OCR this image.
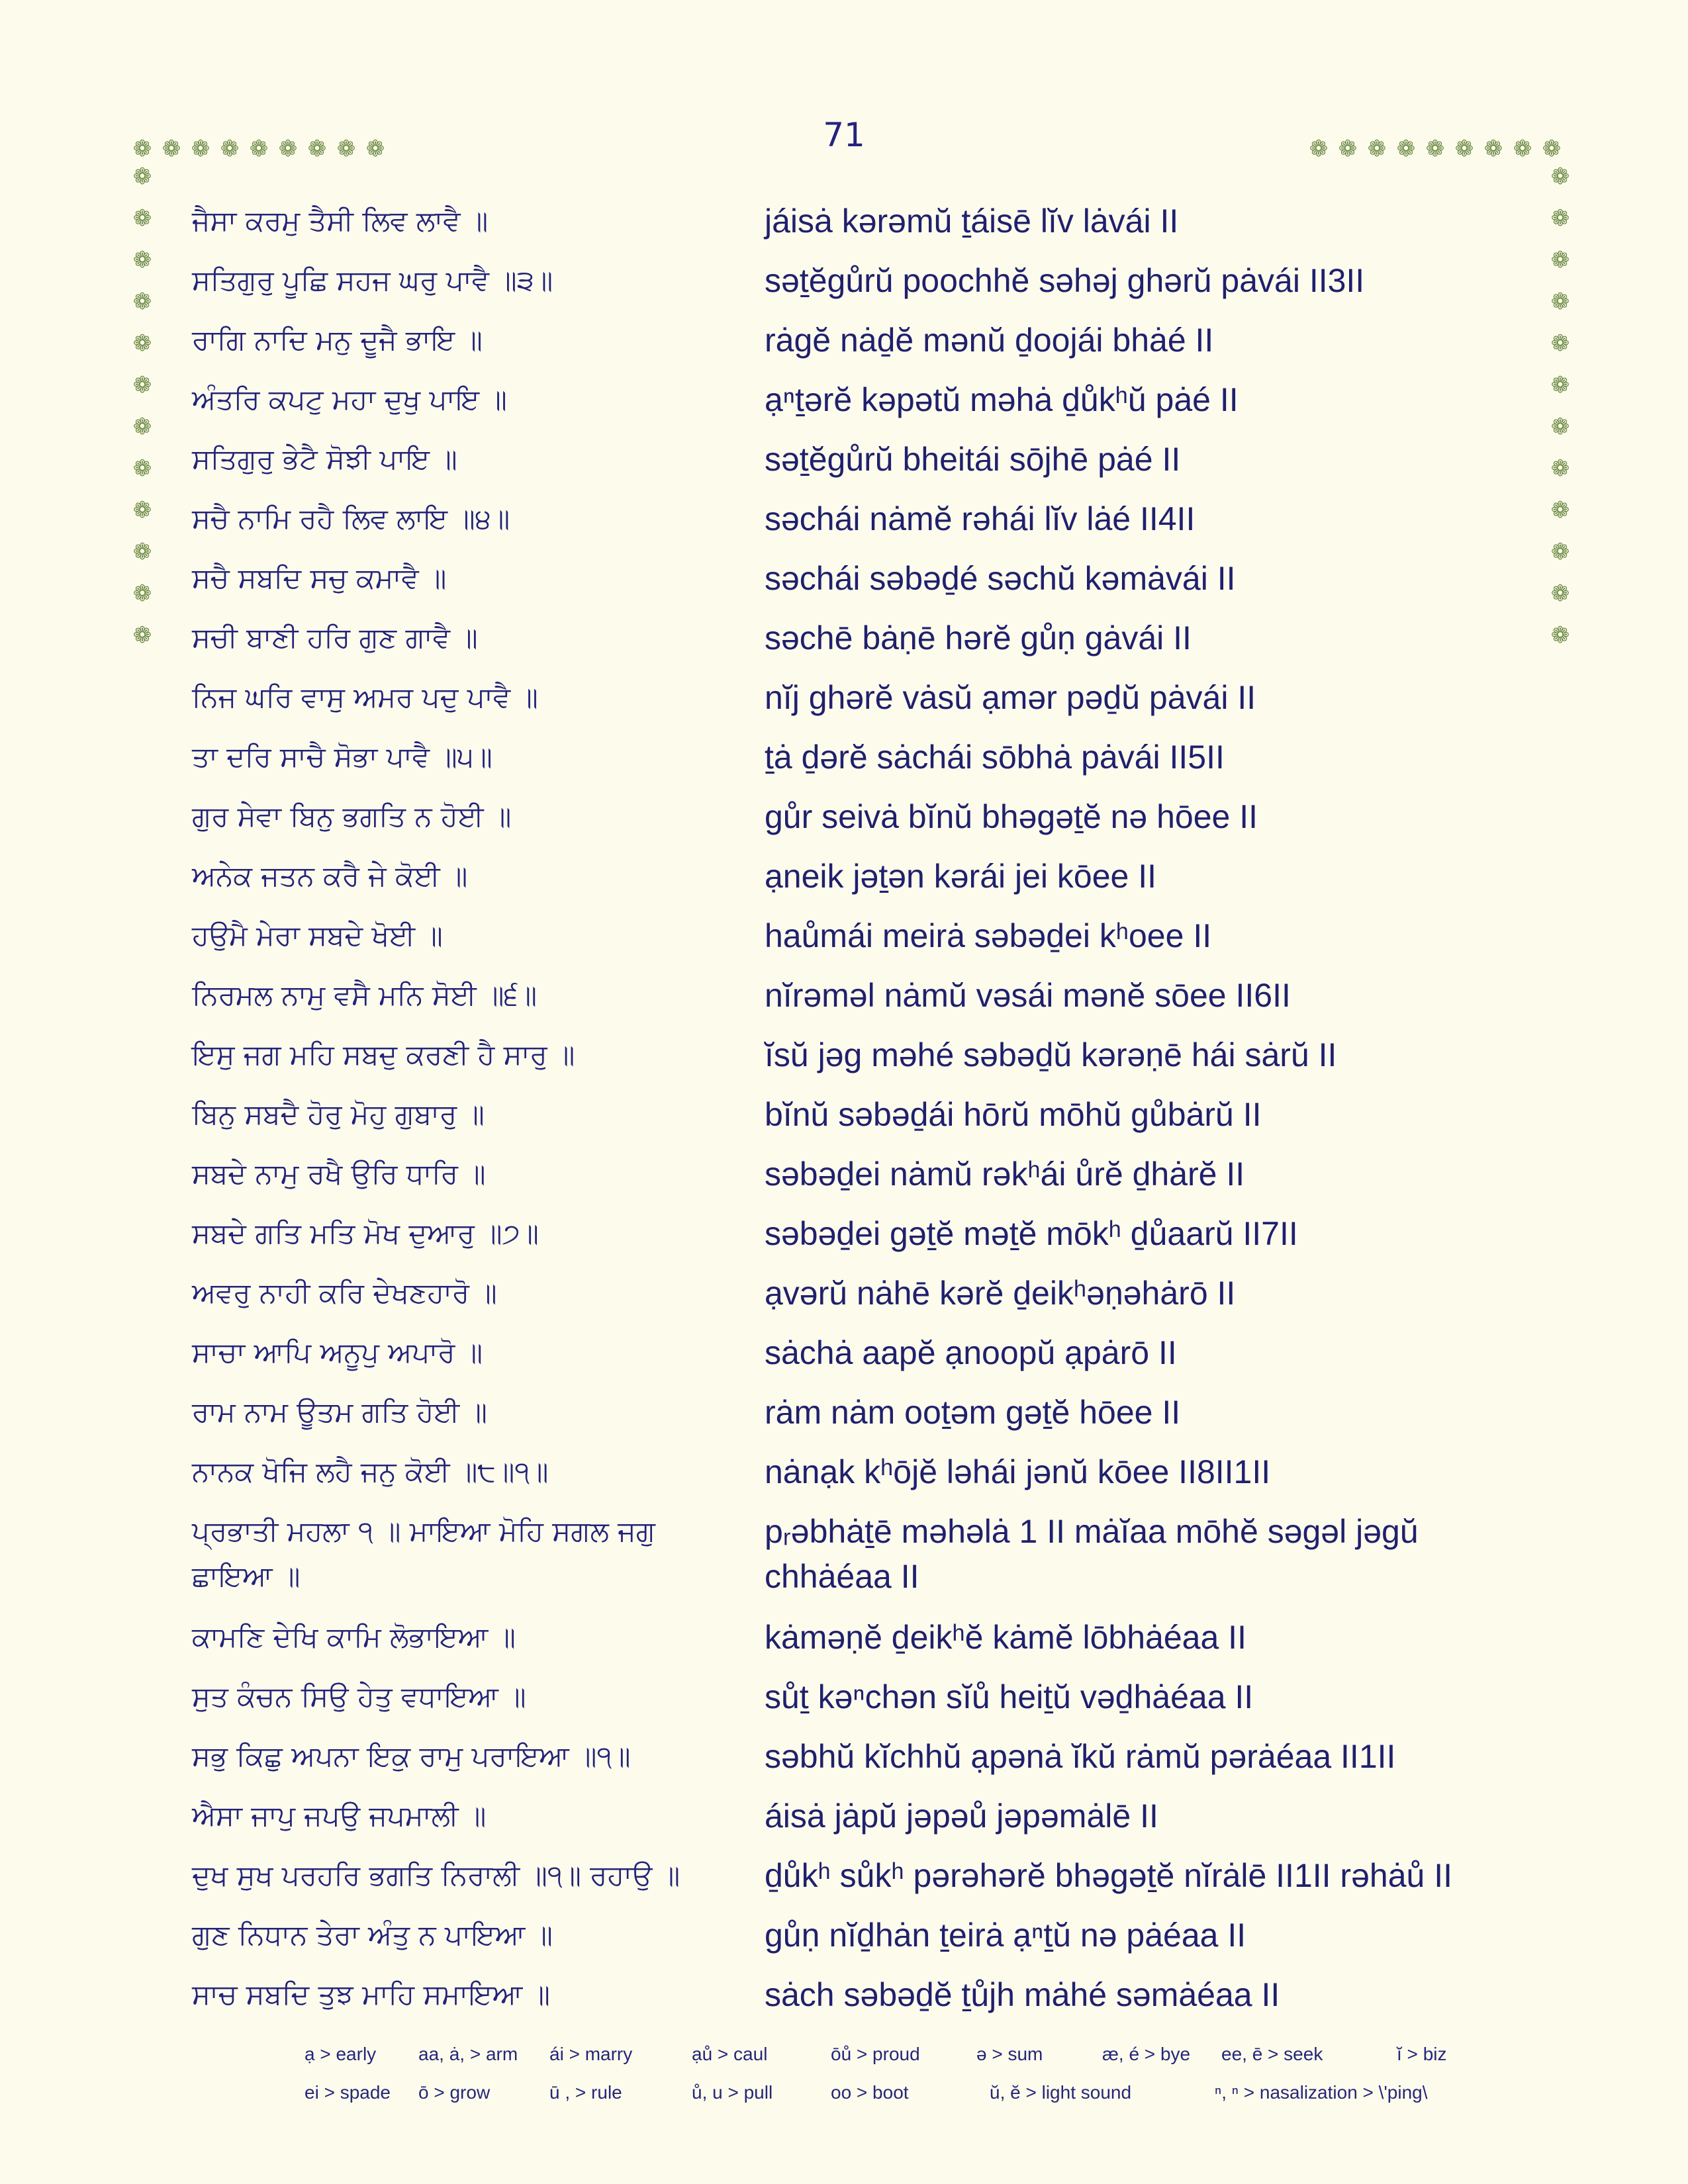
71
❁ ❁ ❁ ❁ ❁ ❁ ❁ ❁ ❁	❁ ❁ ❁ ❁ ❁ ❁ ❁ ❁ ❁
❁
❁
❁
❁
❁
❁
❁
❁
❁
❁
❁
❁
❁
❁
❁
❁
❁
❁
❁
❁
❁
❁
❁
❁
ਜੈਸਾ ਕਰਮੁ ਤੈਸੀ ਲਿਵ ਲਾਵੈ ॥	jáisȧ kərəmŭ ṯáisē lĭv lȧvái II
ਸਤਿਗੁਰੁ ਪੂਛਿ ਸਹਜ ਘਰੁ ਪਾਵੈ ॥੩॥	səṯĕgůrŭ poochhĕ səhəj ghərŭ pȧvái II3II
ਰਾਗਿ ਨਾਦਿ ਮਨੁ ਦੂਜੈ ਭਾਇ ॥	rȧgĕ nȧḏĕ mənŭ ḏoojái bhȧé II
ਅੰਤਰਿ ਕਪਟੁ ਮਹਾ ਦੁਖੁ ਪਾਇ ॥	ạⁿṯərĕ kəpətŭ məhȧ ḏůkʰŭ pȧé II
ਸਤਿਗੁਰੁ ਭੇਟੈ ਸੋਝੀ ਪਾਇ ॥	səṯĕgůrŭ bheitái sōjhē pȧé II
ਸਚੈ ਨਾਮਿ ਰਹੈ ਲਿਵ ਲਾਇ ॥੪॥	səchái nȧmĕ rəhái lĭv lȧé II4II
ਸਚੈ ਸਬਦਿ ਸਚੁ ਕਮਾਵੈ ॥	səchái səbəḏé səchŭ kəmȧvái II
ਸਚੀ ਬਾਣੀ ਹਰਿ ਗੁਣ ਗਾਵੈ ॥	səchē bȧṇē hərĕ gůṇ gȧvái II
ਨਿਜ ਘਰਿ ਵਾਸੁ ਅਮਰ ਪਦੁ ਪਾਵੈ ॥	nĭj ghərĕ vȧsŭ ạmər pəḏŭ pȧvái II
ਤਾ ਦਰਿ ਸਾਚੈ ਸੋਭਾ ਪਾਵੈ ॥੫॥	ṯȧ ḏərĕ sȧchái sōbhȧ pȧvái II5II
ਗੁਰ ਸੇਵਾ ਬਿਨੁ ਭਗਤਿ ਨ ਹੋਈ ॥	gůr seivȧ bĭnŭ bhəgəṯĕ nə hōee II
ਅਨੇਕ ਜਤਨ ਕਰੈ ਜੇ ਕੋਈ ॥	ạneik jəṯən kərái jei kōee II
ਹਉਮੈ ਮੇਰਾ ਸਬਦੇ ਖੋਈ ॥	haůmái meirȧ səbəḏei kʰoee II
ਨਿਰਮਲ ਨਾਮੁ ਵਸੈ ਮਨਿ ਸੋਈ ॥੬॥	nĭrəməl nȧmŭ vəsái mənĕ sōee II6II
ਇਸੁ ਜਗ ਮਹਿ ਸਬਦੁ ਕਰਣੀ ਹੈ ਸਾਰੁ ॥	ĭsŭ jəg məhé səbəḏŭ kərəṇē hái sȧrŭ II
ਬਿਨੁ ਸਬਦੈ ਹੋਰੁ ਮੋਹੁ ਗੁਬਾਰੁ ॥	bĭnŭ səbəḏái hōrŭ mōhŭ gůbȧrŭ II
ਸਬਦੇ ਨਾਮੁ ਰਖੈ ਉਰਿ ਧਾਰਿ ॥	səbəḏei nȧmŭ rəkʰái ůrĕ ḏhȧrĕ II
ਸਬਦੇ ਗਤਿ ਮਤਿ ਮੋਖ ਦੁਆਰੁ ॥੭॥	səbəḏei gəṯĕ məṯĕ mōkʰ ḏůaarŭ II7II
ਅਵਰੁ ਨਾਹੀ ਕਰਿ ਦੇਖਣਹਾਰੋ ॥	ạvərŭ nȧhē kərĕ ḏeikʰəṇəhȧrō II
ਸਾਚਾ ਆਪਿ ਅਨੂਪੁ ਅਪਾਰੋ ॥	sȧchȧ aapĕ ạnoopŭ ạpȧrō II
ਰਾਮ ਨਾਮ ਊਤਮ ਗਤਿ ਹੋਈ ॥	rȧm nȧm ooṯəm gəṯĕ hōee II
ਨਾਨਕ ਖੋਜਿ ਲਹੈ ਜਨੁ ਕੋਈ ॥੮॥੧॥	nȧnạk kʰōjĕ ləhái jənŭ kōee II8II1II
ਪ੍ਰਭਾਤੀ ਮਹਲਾ ੧ ॥ ਮਾਇਆ ਮੋਹਿ ਸਗਲ ਜਗੁ ਛਾਇਆ ॥
pᵣəbhȧṯē məhəlȧ 1 II mȧĭaa mōhĕ səgəl jəgŭ chhȧéaa II
ਕਾਮਣਿ ਦੇਖਿ ਕਾਮਿ ਲੋਭਾਇਆ ॥	kȧməṇĕ ḏeikʰĕ kȧmĕ lōbhȧéaa II
ਸੁਤ ਕੰਚਨ ਸਿਉ ਹੇਤੁ ਵਧਾਇਆ ॥	sůṯ kəⁿchən sĭů heiṯŭ vəḏhȧéaa II
ਸਭੁ ਕਿਛੁ ਅਪਨਾ ਇਕੁ ਰਾਮੁ ਪਰਾਇਆ ॥੧॥	səbhŭ kĭchhŭ ạpənȧ ĭkŭ rȧmŭ pərȧéaa II1II
ਐਸਾ ਜਾਪੁ ਜਪਉ ਜਪਮਾਲੀ ॥	áisȧ jȧpŭ jəpəů jəpəmȧlē II
ਦੁਖ ਸੁਖ ਪਰਹਰਿ ਭਗਤਿ ਨਿਰਾਲੀ ॥੧॥ ਰਹਾਉ ॥	ḏůkʰ sůkʰ pərəhərĕ bhəgəṯĕ nĭrȧlē II1II rəhȧů II
ਗੁਣ ਨਿਧਾਨ ਤੇਰਾ ਅੰਤੁ ਨ ਪਾਇਆ ॥	gůṇ nĭḏhȧn ṯeirȧ ạⁿṯŭ nə pȧéaa II
ਸਾਚ ਸਬਦਿ ਤੁਝ ਮਾਹਿ ਸਮਾਇਆ ॥	sȧch səbəḏĕ ṯůjh mȧhé səmȧéaa II
ạ > early aa, ȧ, > arm ái > marry	ạů > caul	ōů > proud	ə > sum	æ, é > bye ee, ē > seek	ĭ > biz
ei > spade ō > grow	ū , > rule	ů, u > pull	oo > boot	ŭ, ĕ > light sound	ⁿ, ⁿ > nasalization > \'ping\
